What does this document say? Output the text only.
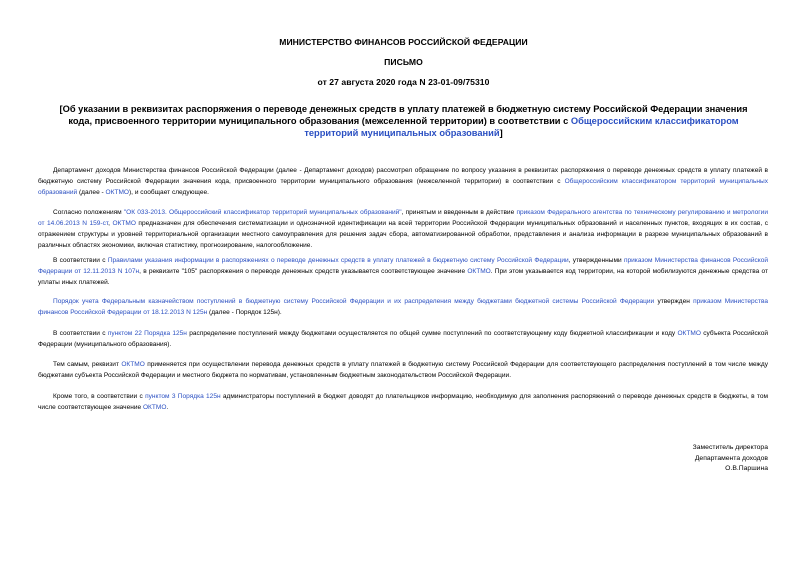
МИНИСТЕРСТВО ФИНАНСОВ РОССИЙСКОЙ ФЕДЕРАЦИИ
ПИСЬМО
от 27 августа 2020 года N 23-01-09/75310
[Об указании в реквизитах распоряжения о переводе денежных средств в уплату платежей в бюджетную систему Российской Федерации значения кода, присвоенного территории муниципального образования (межселенной территории) в соответствии с Общероссийским классификатором территорий муниципальных образований]

Департамент доходов Министерства финансов Российской Федерации (далее - Департамент доходов) рассмотрел обращение по вопросу указания в реквизитах распоряжения о переводе денежных средств в уплату платежей в бюджетную систему Российской Федерации значения кода, присвоенного территории муниципального образования (межселенной территории) в соответствии с Общероссийским классификатором территорий муниципальных образований (далее - ОКТМО), и сообщает следующее.

Согласно положениям "ОК 033-2013. Общероссийский классификатор территорий муниципальных образований", принятым и введенным в действие приказом Федерального агентства по техническому регулированию и метрологии от 14.06.2013 N 159-ст, ОКТМО предназначен для обеспечения систематизации и однозначной идентификации на всей территории Российской Федерации муниципальных образований и населенных пунктов, входящих в их состав, с отражением структуры и уровней территориальной организации местного самоуправления для решения задач сбора, автоматизированной обработки, представления и анализа информации в разрезе муниципальных образований в различных областях экономики, включая статистику, прогнозирование, налогообложение.

В соответствии с Правилами указания информации в распоряжениях о переводе денежных средств в уплату платежей в бюджетную систему Российской Федерации, утвержденными приказом Министерства финансов Российской Федерации от 12.11.2013 N 107н, в реквизите "105" распоряжения о переводе денежных средств указывается соответствующее значение ОКТМО. При этом указывается код территории, на которой мобилизуются денежные средства от уплаты иных платежей.

Порядок учета Федеральным казначейством поступлений в бюджетную систему Российской Федерации и их распределения между бюджетами бюджетной системы Российской Федерации утвержден приказом Министерства финансов Российской Федерации от 18.12.2013 N 125н (далее - Порядок 125н).

В соответствии с пунктом 22 Порядка 125н распределение поступлений между бюджетами осуществляется по общей сумме поступлений по соответствующему коду бюджетной классификации и коду ОКТМО субъекта Российской Федерации (муниципального образования).

Тем самым, реквизит ОКТМО применяется при осуществлении перевода денежных средств в уплату платежей в бюджетную систему Российской Федерации для соответствующего распределения поступлений в том числе между бюджетами субъекта Российской Федерации и местного бюджета по нормативам, установленным бюджетным законодательством Российской Федерации.

Кроме того, в соответствии с пунктом 3 Порядка 125н администраторы поступлений в бюджет доводят до плательщиков информацию, необходимую для заполнения распоряжений о переводе денежных средств в бюджеты, в том числе соответствующее значение ОКТМО.

Заместитель директора
Департамента доходов
О.В.Паршина
